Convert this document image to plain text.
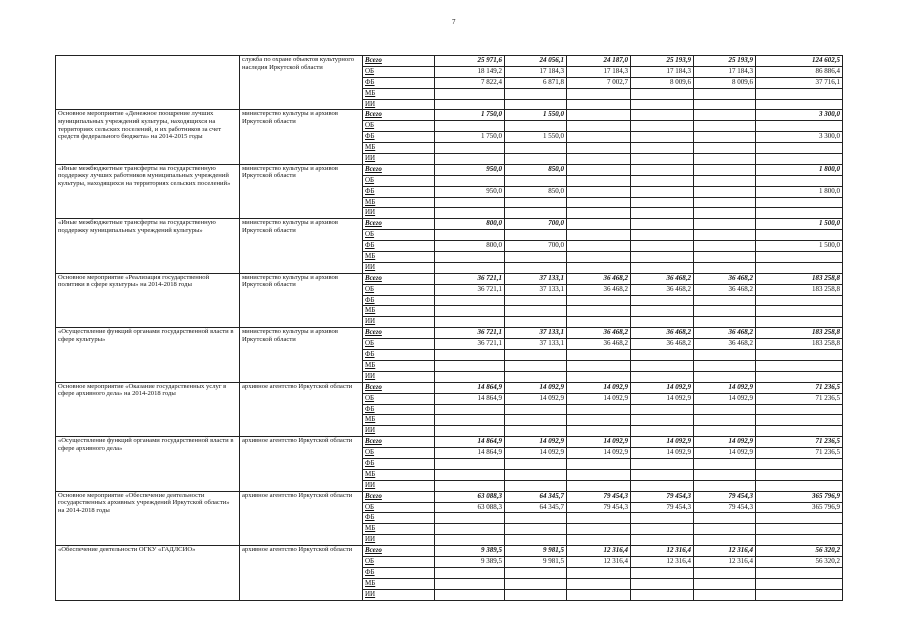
7
	служба по охране объектов культурного наследия Иркутской области	Всего	25 971,6	24 056,1	24 187,0	25 193,9	25 193,9	124 602,5
		ОБ	18 149,2	17 184,3	17 184,3	17 184,3	17 184,3	86 886,4
		ФБ	7 822,4	6 871,8	7 002,7	8 009,6	8 009,6	37 716,1
		МБ						
		ИИ						
Основное мероприятие «Денежное поощрение лучших муниципальных учреждений культуры, находящихся на территориях сельских поселений, и их работников за счет средств федерального бюджета» на 2014-2015 годы	министерство культуры и архивов Иркутской области	Всего	1 750,0	1 550,0				3 300,0
		ОБ						
		ФБ	1 750,0	1 550,0				3 300,0
		МБ						
		ИИ						
«Иные межбюджетные трансферты на государственную поддержку лучших работников муниципальных учреждений культуры, находящихся на территориях сельских поселений»	министерство культуры и архивов Иркутской области	Всего	950,0	850,0				1 800,0
		ОБ						
		ФБ	950,0	850,0				1 800,0
		МБ						
		ИИ						
«Иные межбюджетные трансферты на государственную поддержку муниципальных учреждений культуры»	министерство культуры и архивов Иркутской области	Всего	800,0	700,0				1 500,0
		ОБ						
		ФБ	800,0	700,0				1 500,0
		МБ						
		ИИ						
Основное мероприятие «Реализация государственной политики в сфере культуры» на 2014-2018 годы	министерство культуры и архивов Иркутской области	Всего	36 721,1	37 133,1	36 468,2	36 468,2	36 468,2	183 258,8
		ОБ	36 721,1	37 133,1	36 468,2	36 468,2	36 468,2	183 258,8
		ФБ						
		МБ						
		ИИ						
«Осуществление функций органами государственной власти в сфере культуры»	министерство культуры и архивов Иркутской области	Всего	36 721,1	37 133,1	36 468,2	36 468,2	36 468,2	183 258,8
		ОБ	36 721,1	37 133,1	36 468,2	36 468,2	36 468,2	183 258,8
		ФБ						
		МБ						
		ИИ						
Основное мероприятие «Оказание государственных услуг в сфере архивного дела» на 2014-2018 годы	архивное агентство Иркутской области	Всего	14 864,9	14 092,9	14 092,9	14 092,9	14 092,9	71 236,5
		ОБ	14 864,9	14 092,9	14 092,9	14 092,9	14 092,9	71 236,5
		ФБ						
		МБ						
		ИИ						
«Осуществление функций органами государственной власти в сфере архивного дела»	архивное агентство Иркутской области	Всего	14 864,9	14 092,9	14 092,9	14 092,9	14 092,9	71 236,5
		ОБ	14 864,9	14 092,9	14 092,9	14 092,9	14 092,9	71 236,5
		ФБ						
		МБ						
		ИИ						
Основное мероприятие «Обеспечение деятельности государственных архивных учреждений Иркутской области» на 2014-2018 годы	архивное агентство Иркутской области	Всего	63 088,3	64 345,7	79 454,3	79 454,3	79 454,3	365 796,9
		ОБ	63 088,3	64 345,7	79 454,3	79 454,3	79 454,3	365 796,9
		ФБ						
		МБ						
		ИИ						
«Обеспечение деятельности ОГКУ «ГАДЛСИО»	архивное агентство Иркутской области	Всего	9 389,5	9 981,5	12 316,4	12 316,4	12 316,4	56 320,2
		ОБ	9 389,5	9 981,5	12 316,4	12 316,4	12 316,4	56 320,2
		ФБ						
		МБ						
		ИИ						
